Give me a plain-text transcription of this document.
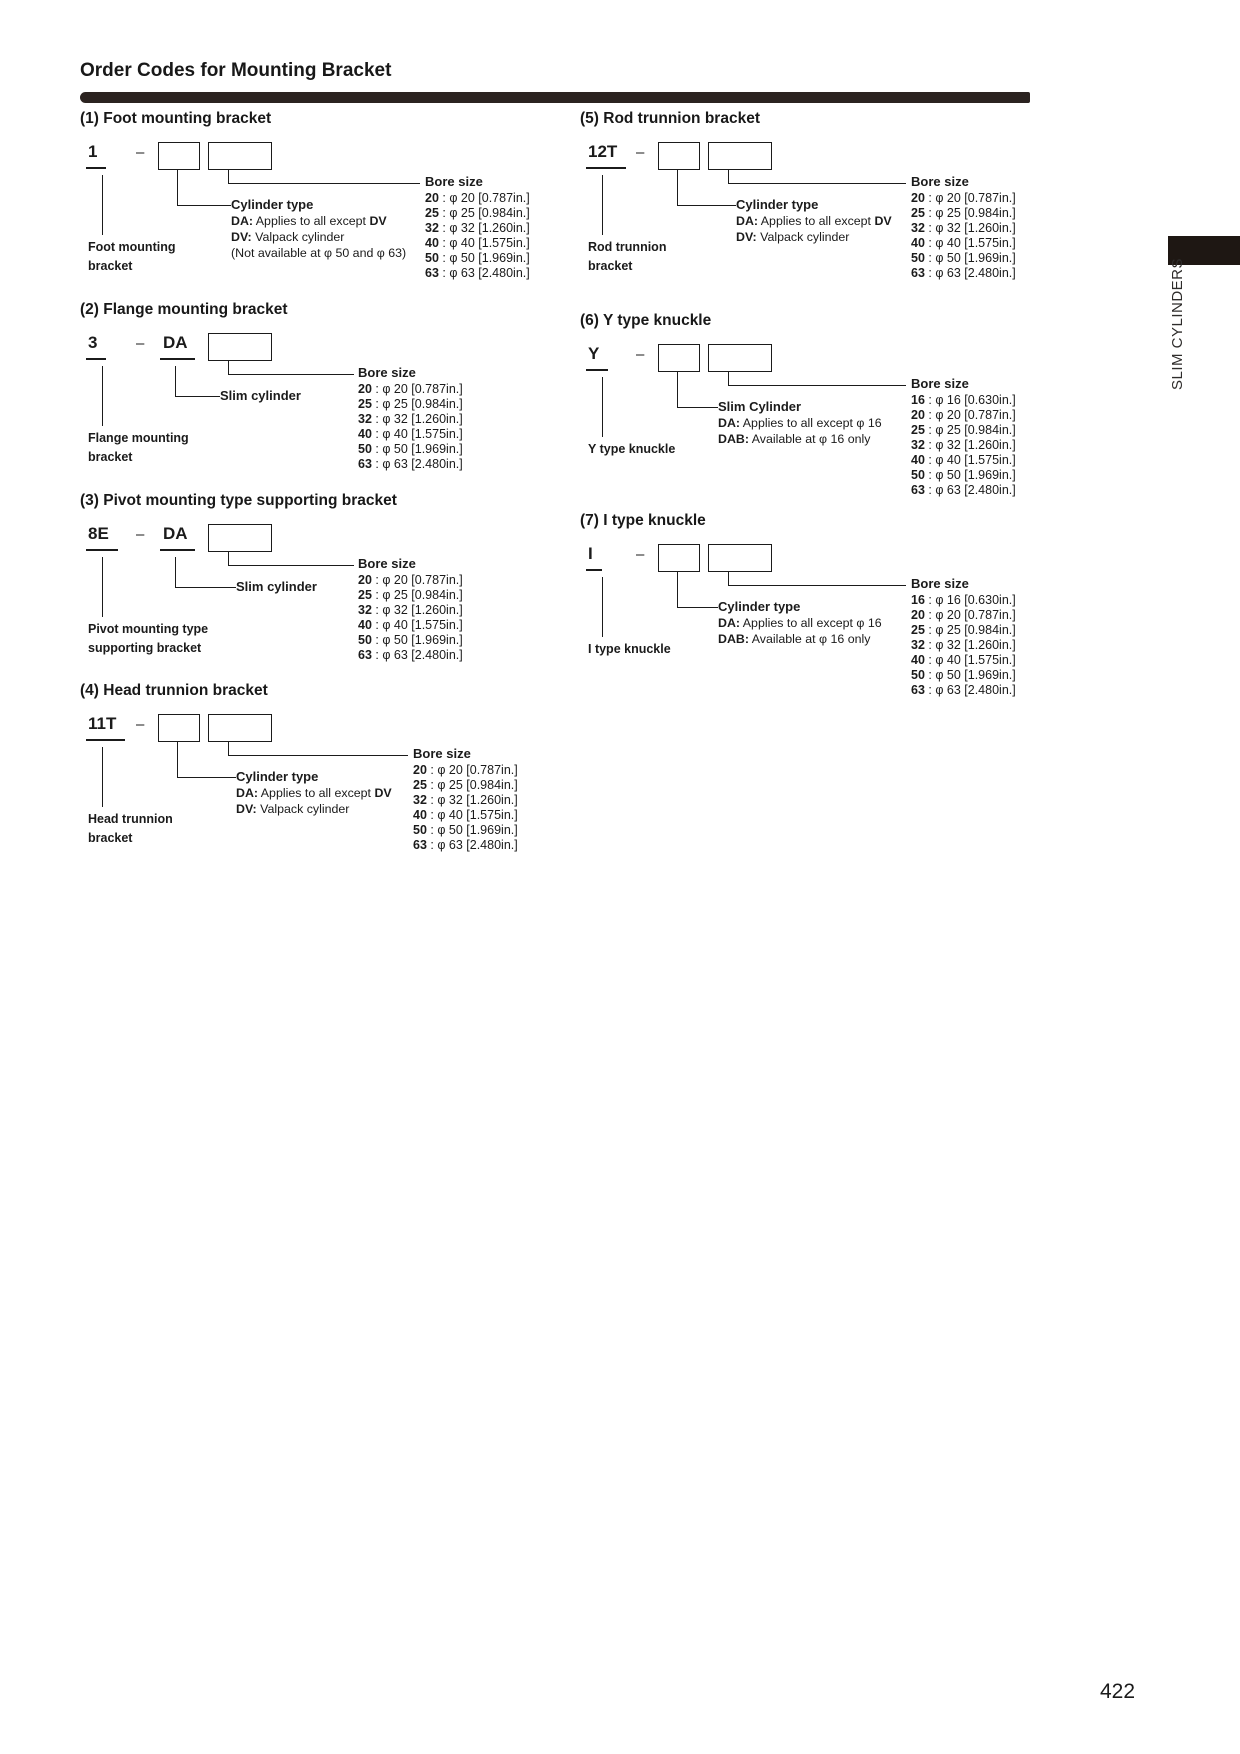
Order Codes for Mounting Bracket
SLIM CYLINDERS
422
(1) Foot mounting bracket
1	–
Foot mounting
bracket
Cylinder type
DA: Applies to all except DV
DV: Valpack cylinder
(Not available at φ 50 and φ 63)
Bore size
20 : φ 20 [0.787in.]
25 : φ 25 [0.984in.]
32 : φ 32 [1.260in.]
40 : φ 40 [1.575in.]
50 : φ 50 [1.969in.]
63 : φ 63 [2.480in.]
(2) Flange mounting bracket
3	– DA
Flange mounting
bracket
Slim cylinder
Bore size
20 : φ 20 [0.787in.]
25 : φ 25 [0.984in.]
32 : φ 32 [1.260in.]
40 : φ 40 [1.575in.]
50 : φ 50 [1.969in.]
63 : φ 63 [2.480in.]
(3) Pivot mounting type supporting bracket
8E	– DA
Pivot mounting type
supporting bracket
Slim cylinder
Bore size
20 : φ 20 [0.787in.]
25 : φ 25 [0.984in.]
32 : φ 32 [1.260in.]
40 : φ 40 [1.575in.]
50 : φ 50 [1.969in.]
63 : φ 63 [2.480in.]
(4) Head trunnion bracket
11T	–
Head trunnion
bracket
Cylinder type
DA: Applies to all except DV
DV: Valpack cylinder
Bore size
20 : φ 20 [0.787in.]
25 : φ 25 [0.984in.]
32 : φ 32 [1.260in.]
40 : φ 40 [1.575in.]
50 : φ 50 [1.969in.]
63 : φ 63 [2.480in.]
(5) Rod trunnion bracket
12T	–
Rod trunnion
bracket
Cylinder type
DA: Applies to all except DV
DV: Valpack cylinder
Bore size
20 : φ 20 [0.787in.]
25 : φ 25 [0.984in.]
32 : φ 32 [1.260in.]
40 : φ 40 [1.575in.]
50 : φ 50 [1.969in.]
63 : φ 63 [2.480in.]
(6) Y type knuckle
Y	–
Y type knuckle
Slim Cylinder
DA: Applies to all except φ 16
DAB: Available at φ 16 only
Bore size
16 : φ 16 [0.630in.]
20 : φ 20 [0.787in.]
25 : φ 25 [0.984in.]
32 : φ 32 [1.260in.]
40 : φ 40 [1.575in.]
50 : φ 50 [1.969in.]
63 : φ 63 [2.480in.]
(7) I type knuckle
I	–
I type knuckle
Cylinder type
DA: Applies to all except φ 16
DAB: Available at φ 16 only
Bore size
16 : φ 16 [0.630in.]
20 : φ 20 [0.787in.]
25 : φ 25 [0.984in.]
32 : φ 32 [1.260in.]
40 : φ 40 [1.575in.]
50 : φ 50 [1.969in.]
63 : φ 63 [2.480in.]
